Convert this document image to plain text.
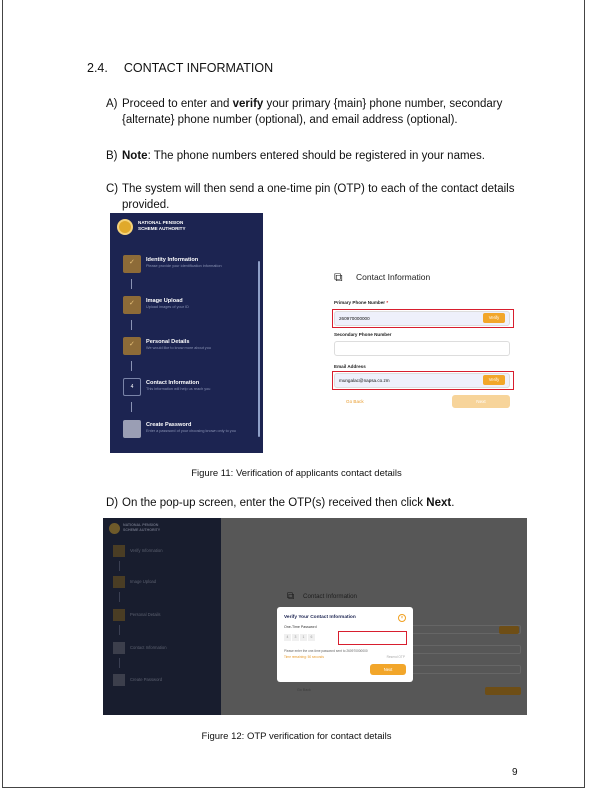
2.4. CONTACT INFORMATION
A) Proceed to enter and verify your primary {main} phone number, secondary {alternate} phone number (optional), and email address (optional).
B) Note: The phone numbers entered should be registered in your names.
C) The system will then send a one-time pin (OTP) to each of the contact details provided.
NATIONAL PENSION
SCHEME AUTHORITY
✓ Identity Information
Please provide your identification information
✓ Image Upload
Upload images of your ID
✓ Personal Details
We would like to know more about you
4
Contact Information
This information will help us reach you
Create Password
Enter a password of your choosing known only to you
⧉ Contact Information
Primary Phone Number *
260970000000	Verify
Secondary Phone Number
Email Address
mungalac@napsa.co.zm	Verify
Go Back	Next
Figure 11: Verification of applicants contact details
D) On the pop-up screen, enter the OTP(s) received then click Next.
NATIONAL PENSION
SCHEME AUTHORITY
Verify Information
Image Upload
Personal Details
Contact Information
Create Password
⧉ Contact Information
Go Back
Verify Your Contact Information	×
One-Time Password
4	3	1	6
Please enter the one-time password sent to 260970000000
Time remaining: 50 seconds	Resend OTP
Next
Figure 12: OTP verification for contact details
9
